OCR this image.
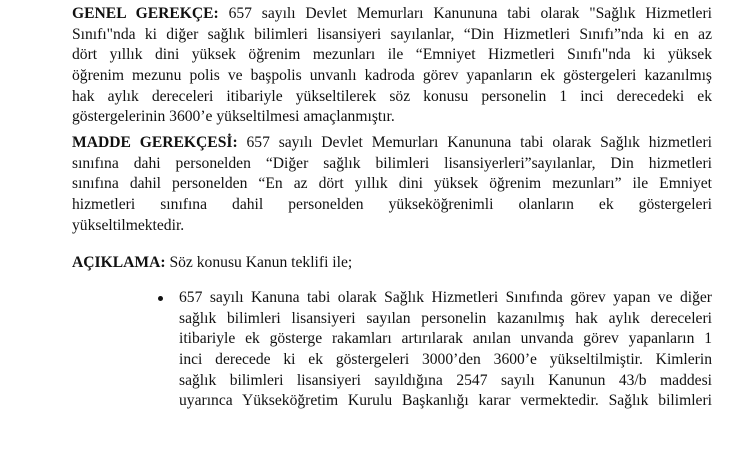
GENEL GEREKÇE: 657 sayılı Devlet Memurları Kanununa tabi olarak "Sağlık Hizmetleri
Sınıfı"nda ki diğer sağlık bilimleri lisansiyeri sayılanlar, “Din Hizmetleri Sınıfı”nda ki en az
dört yıllık dini yüksek öğrenim mezunları ile “Emniyet Hizmetleri Sınıfı"nda ki yüksek
öğrenim mezunu polis ve başpolis unvanlı kadroda görev yapanların ek göstergeleri kazanılmış
hak aylık dereceleri itibariyle yükseltilerek söz konusu personelin 1 inci derecedeki ek
göstergelerinin 3600’e yükseltilmesi amaçlanmıştır.
MADDE GEREKÇESİ: 657 sayılı Devlet Memurları Kanununa tabi olarak Sağlık hizmetleri
sınıfına dahi personelden “Diğer sağlık bilimleri lisansiyerleri”sayılanlar, Din hizmetleri
sınıfına dahil personelden “En az dört yıllık dini yüksek öğrenim mezunları” ile Emniyet
hizmetleri sınıfına dahil personelden yükseköğrenimli olanların ek göstergeleri
yükseltilmektedir.
AÇIKLAMA: Söz konusu Kanun teklifi ile;
657 sayılı Kanuna tabi olarak Sağlık Hizmetleri Sınıfında görev yapan ve diğer
sağlık bilimleri lisansiyeri sayılan personelin kazanılmış hak aylık dereceleri
itibariyle ek gösterge rakamları artırılarak anılan unvanda görev yapanların 1
inci derecede ki ek göstergeleri 3000’den 3600’e yükseltilmiştir. Kimlerin
sağlık bilimleri lisansiyeri sayıldığına 2547 sayılı Kanunun 43/b maddesi
uyarınca Yükseköğretim Kurulu Başkanlığı karar vermektedir. Sağlık bilimleri
